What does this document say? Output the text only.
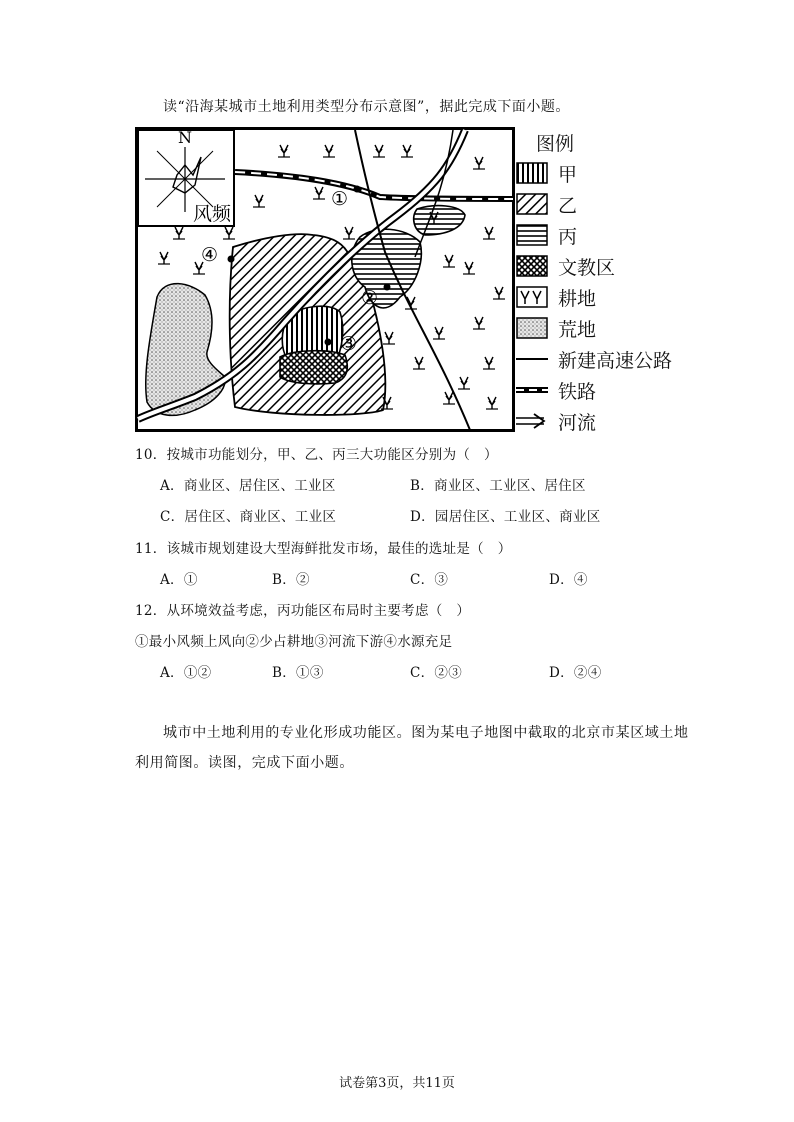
读“沿海某城市土地利用类型分布示意图”，据此完成下面小题。
N
风频
①
②
③
④
图例
甲
乙
丙
文教区
耕地
荒地
新建高速公路
铁路
河流
10．按城市功能划分，甲、乙、丙三大功能区分别为（　）
A．商业区、居住区、工业区	B．商业区、工业区、居住区
C．居住区、商业区、工业区	D．园居住区、工业区、商业区
11．该城市规划建设大型海鲜批发市场，最佳的选址是（　）
A．①	B．②	C．③	D．④
12．从环境效益考虑，丙功能区布局时主要考虑（　）
①最小风频上风向②少占耕地③河流下游④水源充足
A．①②	B．①③	C．②③	D．②④
城市中土地利用的专业化形成功能区。图为某电子地图中截取的北京市某区域土地
利用简图。读图，完成下面小题。
试卷第3页，共11页
